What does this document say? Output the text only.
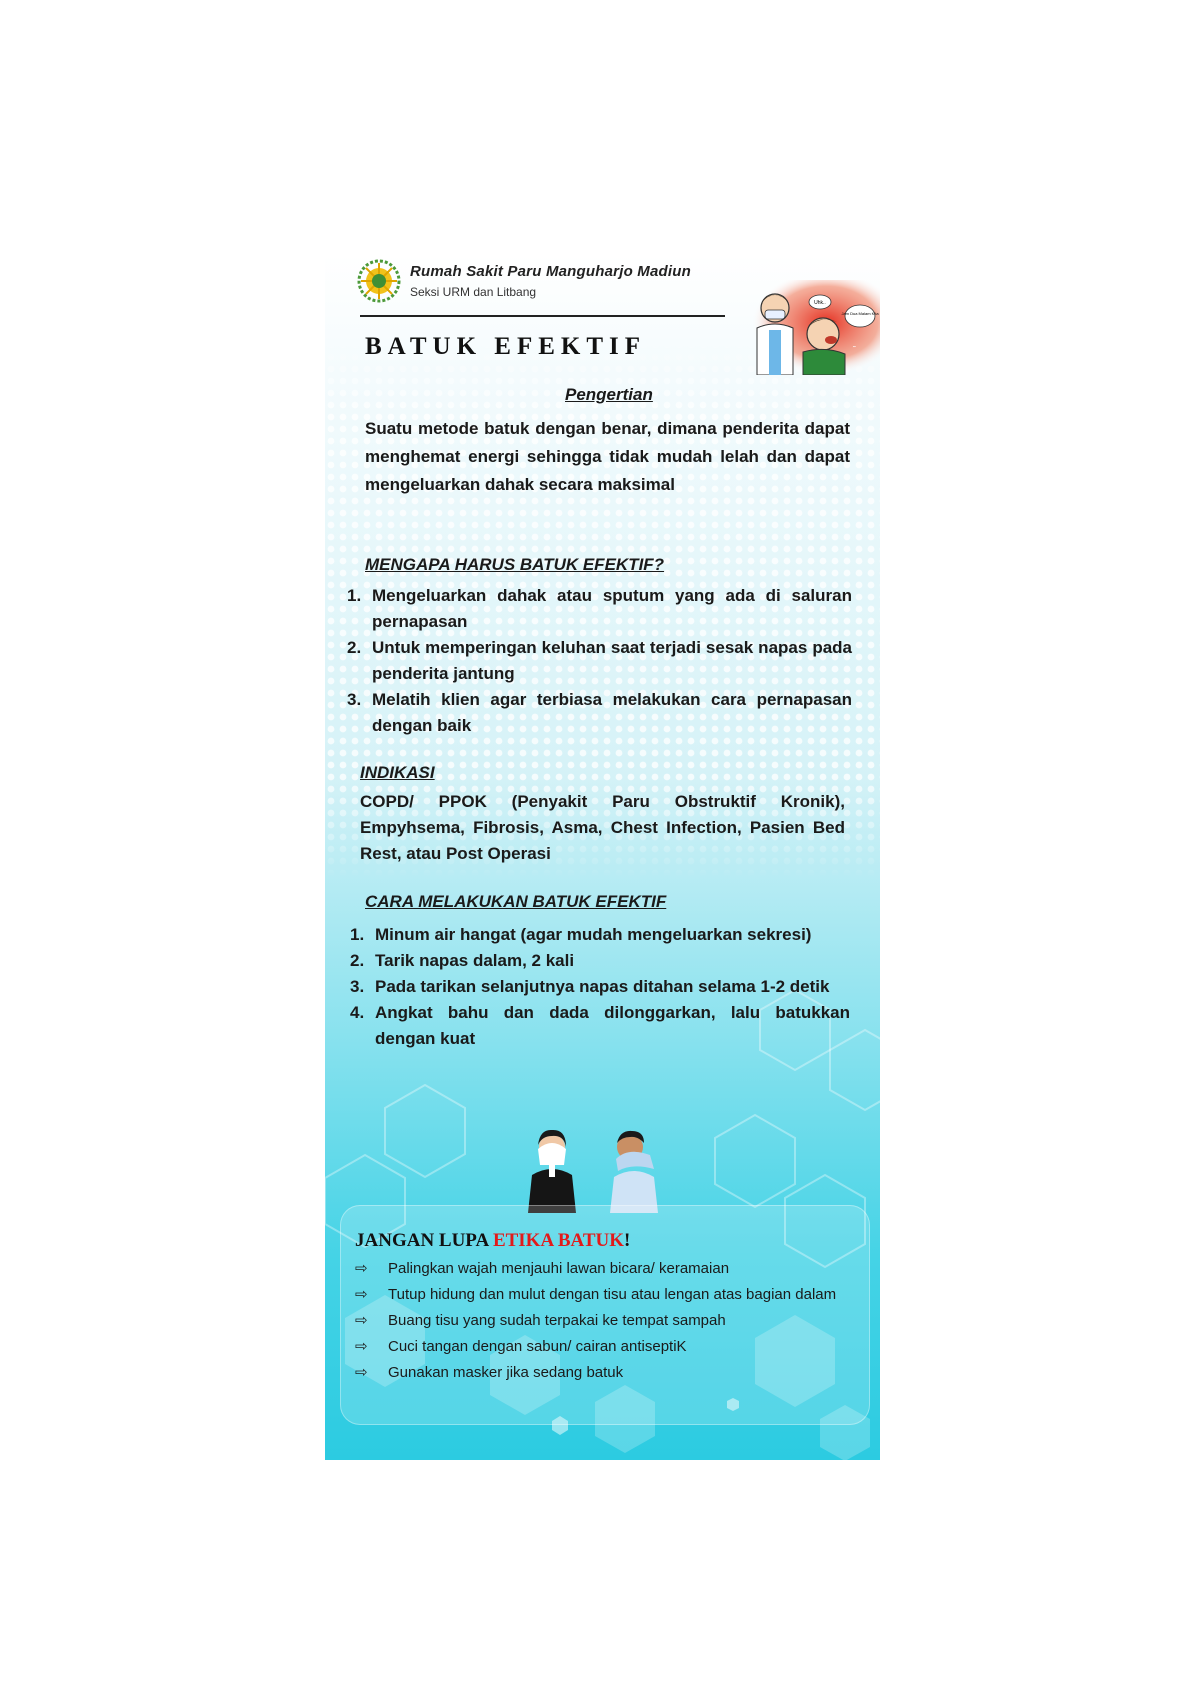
Rumah Sakit Paru Manguharjo Madiun
Seksi URM dan Litbang
BATUK EFEKTIF
Uhk..
Jam Dua Malam Kita
˜
Pengertian
Suatu metode batuk dengan benar, dimana penderita dapat menghemat energi sehingga tidak mudah lelah dan dapat mengeluarkan dahak secara maksimal
MENGAPA HARUS BATUK EFEKTIF?
1. Mengeluarkan dahak atau sputum yang ada di saluran pernapasan
2. Untuk memperingan keluhan saat terjadi sesak napas pada penderita jantung
3. Melatih klien agar terbiasa melakukan cara pernapasan dengan baik
INDIKASI
COPD/ PPOK (Penyakit Paru Obstruktif Kronik), Empyhsema, Fibrosis, Asma, Chest Infection, Pasien Bed Rest, atau Post Operasi
CARA MELAKUKAN BATUK EFEKTIF
1. Minum air hangat (agar mudah mengeluarkan sekresi)
2. Tarik napas dalam, 2 kali
3. Pada tarikan selanjutnya napas ditahan selama 1-2 detik
4. Angkat bahu dan dada dilonggarkan, lalu batukkan dengan kuat
JANGAN LUPA ETIKA BATUK!
⇨ Palingkan wajah menjauhi lawan bicara/ keramaian
⇨ Tutup hidung dan mulut dengan tisu atau lengan atas bagian dalam
⇨ Buang tisu yang sudah terpakai ke tempat sampah
⇨ Cuci tangan dengan sabun/ cairan antiseptiK
⇨ Gunakan masker jika sedang batuk
